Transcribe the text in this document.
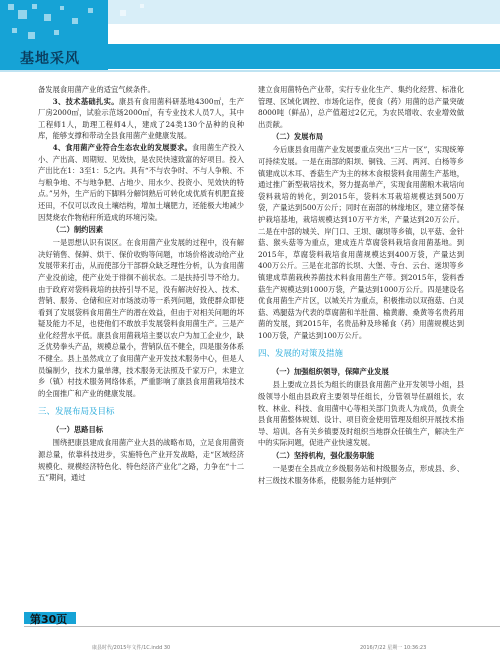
基地采风

备发展食用菌产业的适宜气候条件。

3、技术基础扎实。康县有食用菌科研基地4300㎡，生产厂房2000㎡，试验示范场2000㎡，有专业技术人员7人，其中工程师1人，助理工程师4人，建成了24类130个品种的良种库，能够支撑和带动全县食用菌产业健康发展。

4、食用菌产业符合生态农业的发展要求。食用菌生产投入小、产出高、周期短、见效快，是农民快速致富的好项目。投入产出比在1：3至1：5之内。具有“不与农争时、不与人争粮、不与粮争地、不与地争肥、占地少、用水少、投资小、见效快的特点。”另外，生产后的下脚料分解饲熟后可转化成优质有机肥直接还田，不仅可以改良土壤结构，增加土壤肥力，还能极大地减少因焚烧农作物秸秆所造成的环境污染。

（二）制约因素

一是思想认识有误区。在食用菌产业发展的过程中，没有解决好销售、保鲜、烘干、保价收购等问题，市场价格波动给产业发展带来打击，从而使部分干部群众缺乏理性分析，认为食用菌产业没前途，使产业处于徘徊不前状态。二是扶持引导不给力。由于政府对袋料栽培的扶持引导不足，没有解决好投入、技术、营销、服务、仓储和应对市场波动等一系列问题，致使群众即使看到了发展袋料食用菌生产的潜在效益，但由于对相关问题的坏疑及能力不足，也使他们不敢放手发展袋料食用菌生产。三是产业化经营水平低。康县食用菌栽培主要以农户为加工企业少，缺乏优势拳头产品，规模总量小，营销队伍不健全，四是服务体系不健全。县上虽然成立了食用菌产业开发技术服务中心，但是人员编制少，技术力量单薄，技术服务无法照及千家万户，未建立乡（镇）村技术服务网络体系，严重影响了康县食用菌栽培技术的全面推广和产业的健康发展。

三、发展布局及目标
（一）思路目标

围绕把康县建成食用菌产业大县的战略布局，立足食用菌资源总量，依靠科技进步，实施特色产业开发战略，走“区域经济规模化、规模经济特色化、特色经济产业化”之路，力争在“十二五”期间，通过

建立食用菌特色产业带，实行专业化生产、集约化经营、标准化管理、区域化调控、市场化运作，使食（药）用菌的总产量突破8000吨（鲜品），总产值超过2亿元，为农民增收、农业增效做出贡献。

（二）发展布局

今后康县食用菌产业发展要重点突出“三片一区”，实现统筹可持续发展。一是在南部的阳坝、铜钱、三河、两河、白杨等乡镇建成以木耳、香菇生产为主的林木食根袋料食用菌生产基地，通过推广新型栽培技术，努力提高单产，实现食用菌粮木栽培向袋料栽培的转化，到2015年，袋料木耳栽培规模达到500万袋，产量达到500万公斤；同时在南部的林缘地区，建立猪苓保护栽培基地，栽培规模达到10万平方米，产量达到20万公斤。二是在中部的城关、岸门口、王坝、碾坝等乡镇，以平菇、金针菇、猴头菇等为重点，建成连片草腐袋料栽培食用菌基地。到2015年，草腐袋料栽培食用菌规模达到400万袋，产量达到400万公斤。三是在北部的长坝、大堡、寺台、云台、迷坝等乡镇建成草菌栽秧养菌技术料食用菌生产带。到2015年，袋料香菇生产规模达到1000万袋，产量达到1000万公斤。四是建设名优食用菌生产片区，以城关片为重点，积极推动以双孢菇、白灵菇、鸡腿菇为代表的草腐菌和羊肚菌、榆黄蘑、桑黄等名贵药用菌的发展，到2015年，名贵品种及珍稀食（药）用菌规模达到100万袋，产量达到100万公斤。

四、发展的对策及措施
（一）加强组织领导，保障产业发展

县上要成立县长为组长的康县食用菌产业开发领导小组，县级领导小组由县政府主要领导任组长，分管领导任副组长，农牧、林业、科技、食用菌中心等相关部门负责人为成员，负责全县食用菌整体规划、设计、项目资金使用管理及组织开展技术指导、培训。各有关乡镇要及时组织当地群众任镇生产，解决生产中的实际问题，促进产业快速发展。

（二）坚持机构，强化服务职能

一是要在全县成立乡级服务站和村级服务点，形成县、乡、村三级技术服务体系，使服务能力延伸到产

第30页
康县时代/2015年文件/1C.indd 30	2016/7/22 星期一 10:36:23
